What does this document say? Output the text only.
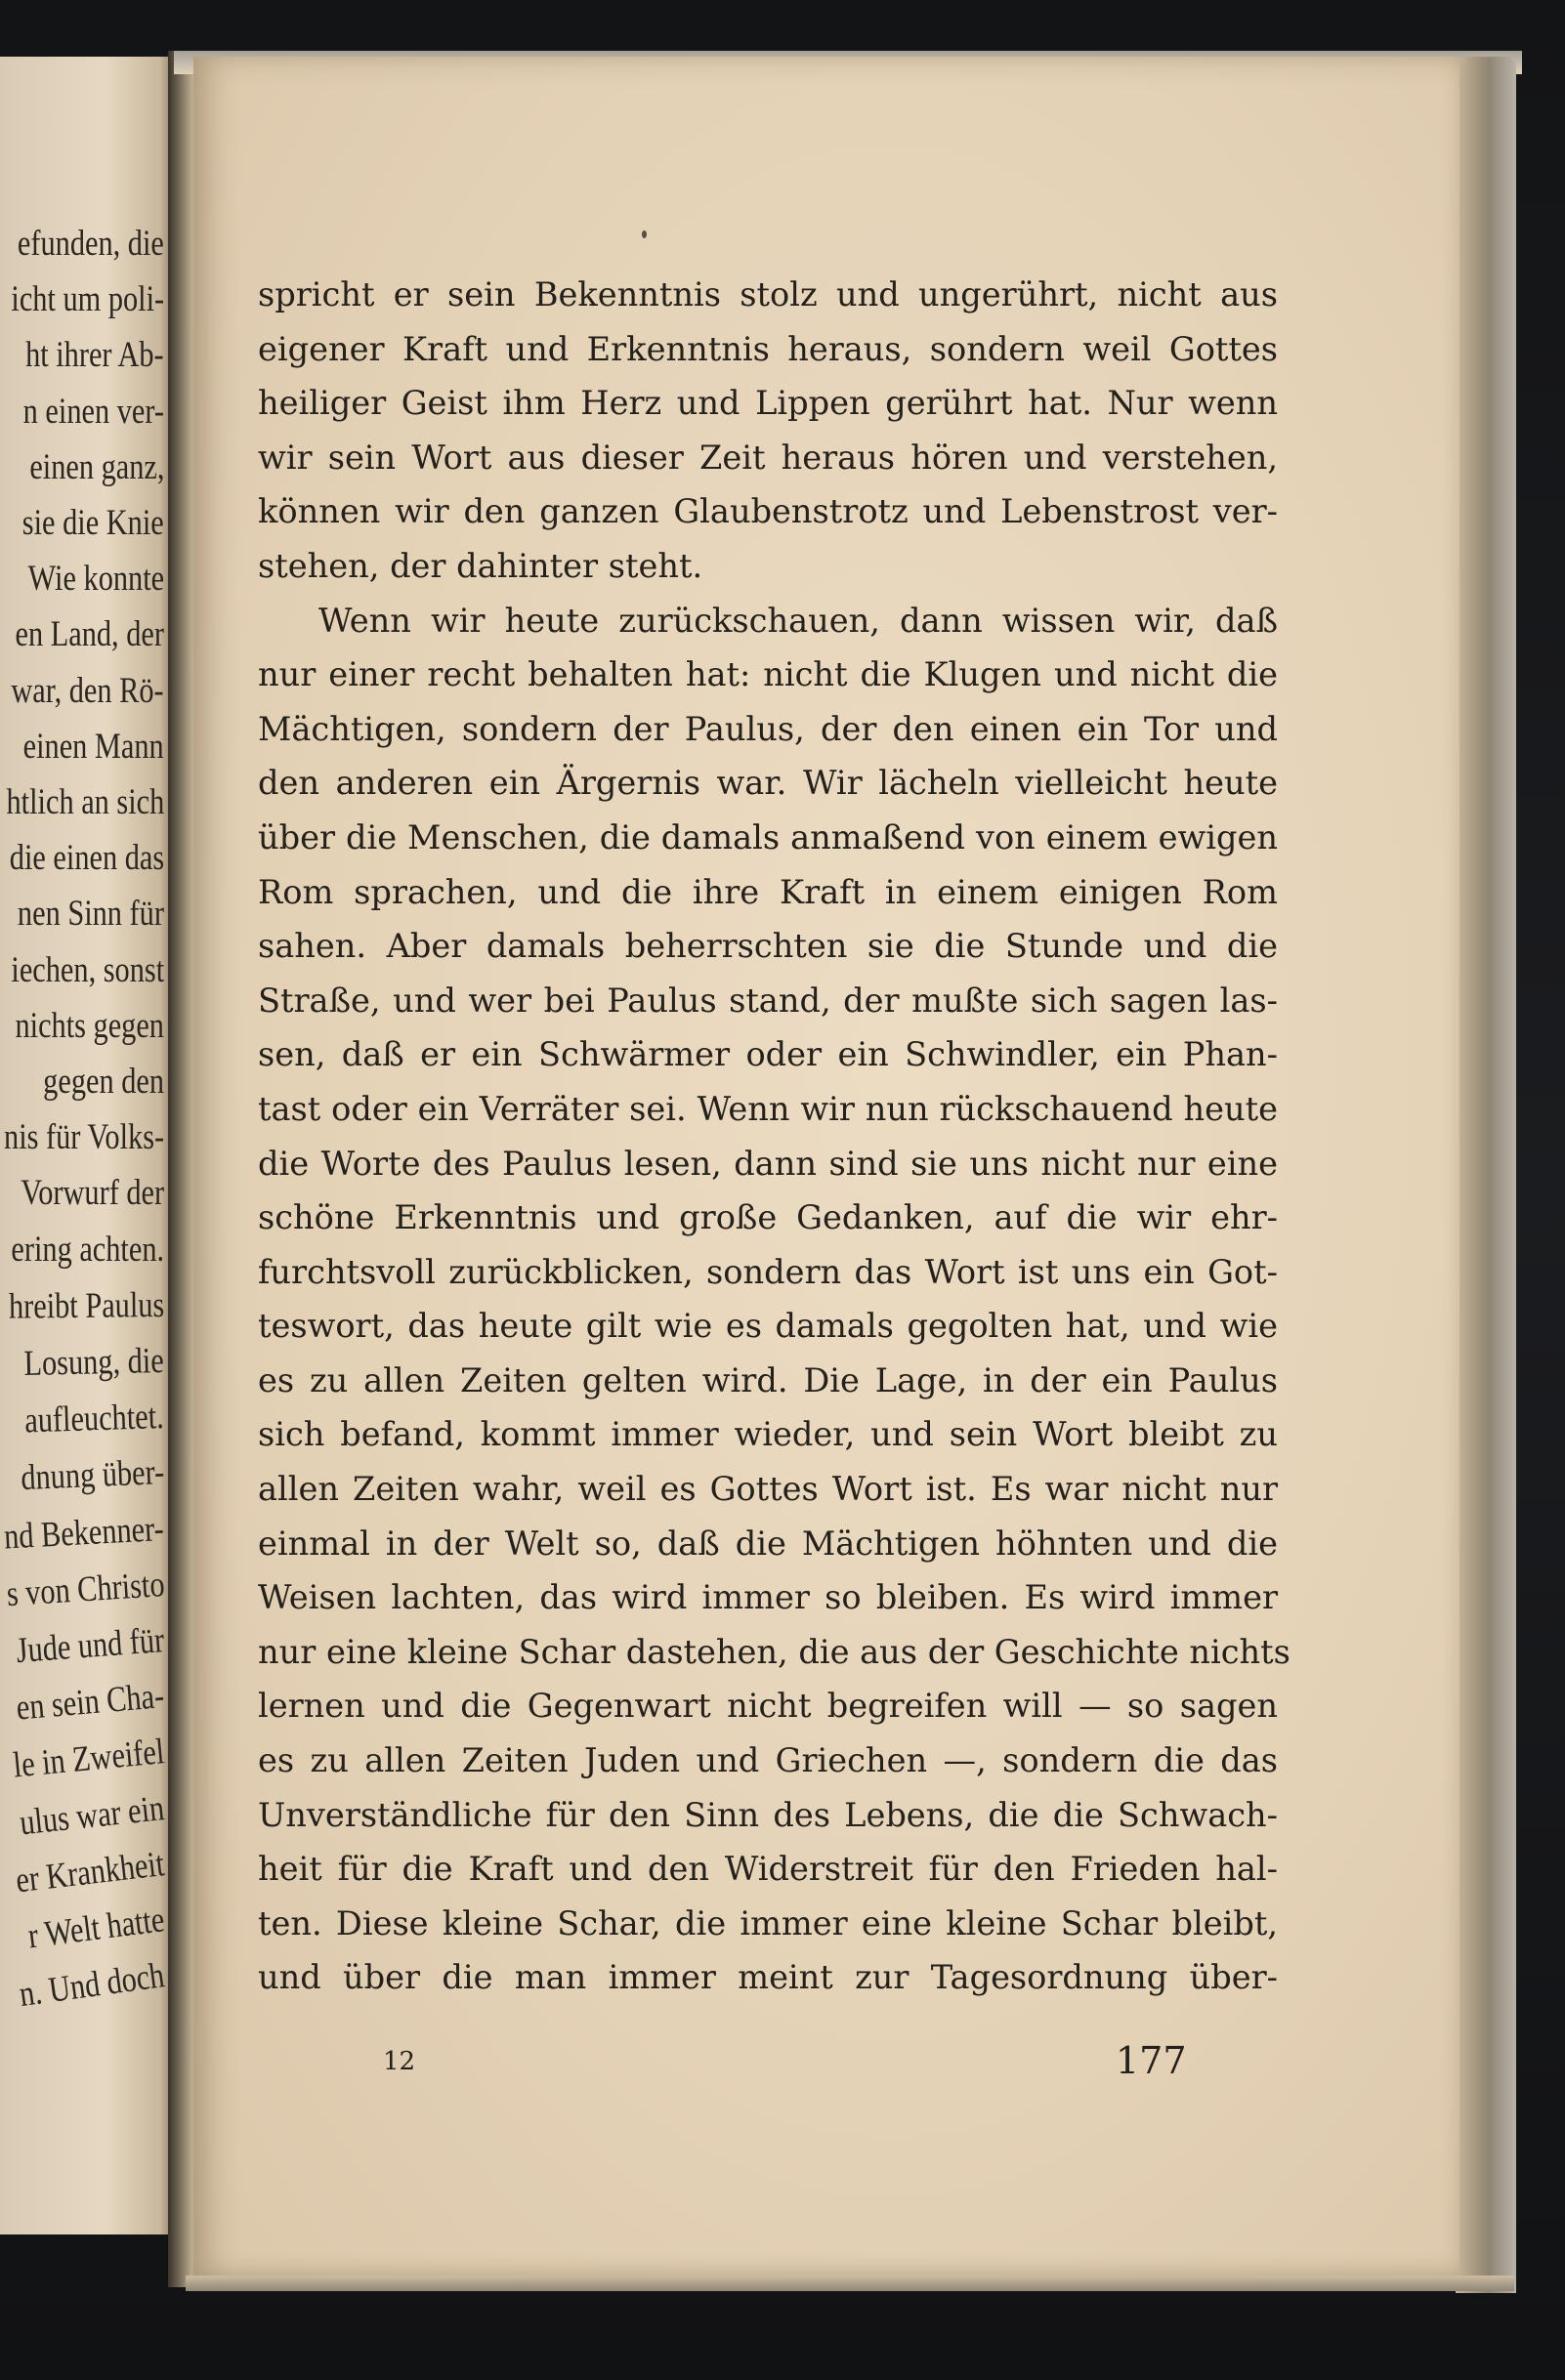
efunden, die
icht um poli-
ht ihrer Ab-
n einen ver-
einen ganz,
sie die Knie
Wie konnte
en Land, der
war, den Rö-
einen Mann
htlich an sich
die einen das
nen Sinn für
iechen, sonst
nichts gegen
gegen den
nis für Volks-
Vorwurf der
ering achten.
hreibt Paulus
Losung, die
aufleuchtet.
dnung über-
nd Bekenner-
s von Christo
Jude und für
en sein Cha-
le in Zweifel
ulus war ein
er Krankheit
r Welt hatte
n. Und doch
spricht er sein Bekenntnis stolz und ungerührt, nicht aus
eigener Kraft und Erkenntnis heraus, sondern weil Gottes
heiliger Geist ihm Herz und Lippen gerührt hat. Nur wenn
wir sein Wort aus dieser Zeit heraus hören und verstehen,
können wir den ganzen Glaubenstrotz und Lebenstrost ver-
stehen, der dahinter steht.
Wenn wir heute zurückschauen, dann wissen wir, daß
nur einer recht behalten hat: nicht die Klugen und nicht die
Mächtigen, sondern der Paulus, der den einen ein Tor und
den anderen ein Ärgernis war. Wir lächeln vielleicht heute
über die Menschen, die damals anmaßend von einem ewigen
Rom sprachen, und die ihre Kraft in einem einigen Rom
sahen. Aber damals beherrschten sie die Stunde und die
Straße, und wer bei Paulus stand, der mußte sich sagen las-
sen, daß er ein Schwärmer oder ein Schwindler, ein Phan-
tast oder ein Verräter sei. Wenn wir nun rückschauend heute
die Worte des Paulus lesen, dann sind sie uns nicht nur eine
schöne Erkenntnis und große Gedanken, auf die wir ehr-
furchtsvoll zurückblicken, sondern das Wort ist uns ein Got-
teswort, das heute gilt wie es damals gegolten hat, und wie
es zu allen Zeiten gelten wird. Die Lage, in der ein Paulus
sich befand, kommt immer wieder, und sein Wort bleibt zu
allen Zeiten wahr, weil es Gottes Wort ist. Es war nicht nur
einmal in der Welt so, daß die Mächtigen höhnten und die
Weisen lachten, das wird immer so bleiben. Es wird immer
nur eine kleine Schar dastehen, die aus der Geschichte nichts
lernen und die Gegenwart nicht begreifen will — so sagen
es zu allen Zeiten Juden und Griechen —, sondern die das
Unverständliche für den Sinn des Lebens, die die Schwach-
heit für die Kraft und den Widerstreit für den Frieden hal-
ten. Diese kleine Schar, die immer eine kleine Schar bleibt,
und über die man immer meint zur Tagesordnung über-
12	177
